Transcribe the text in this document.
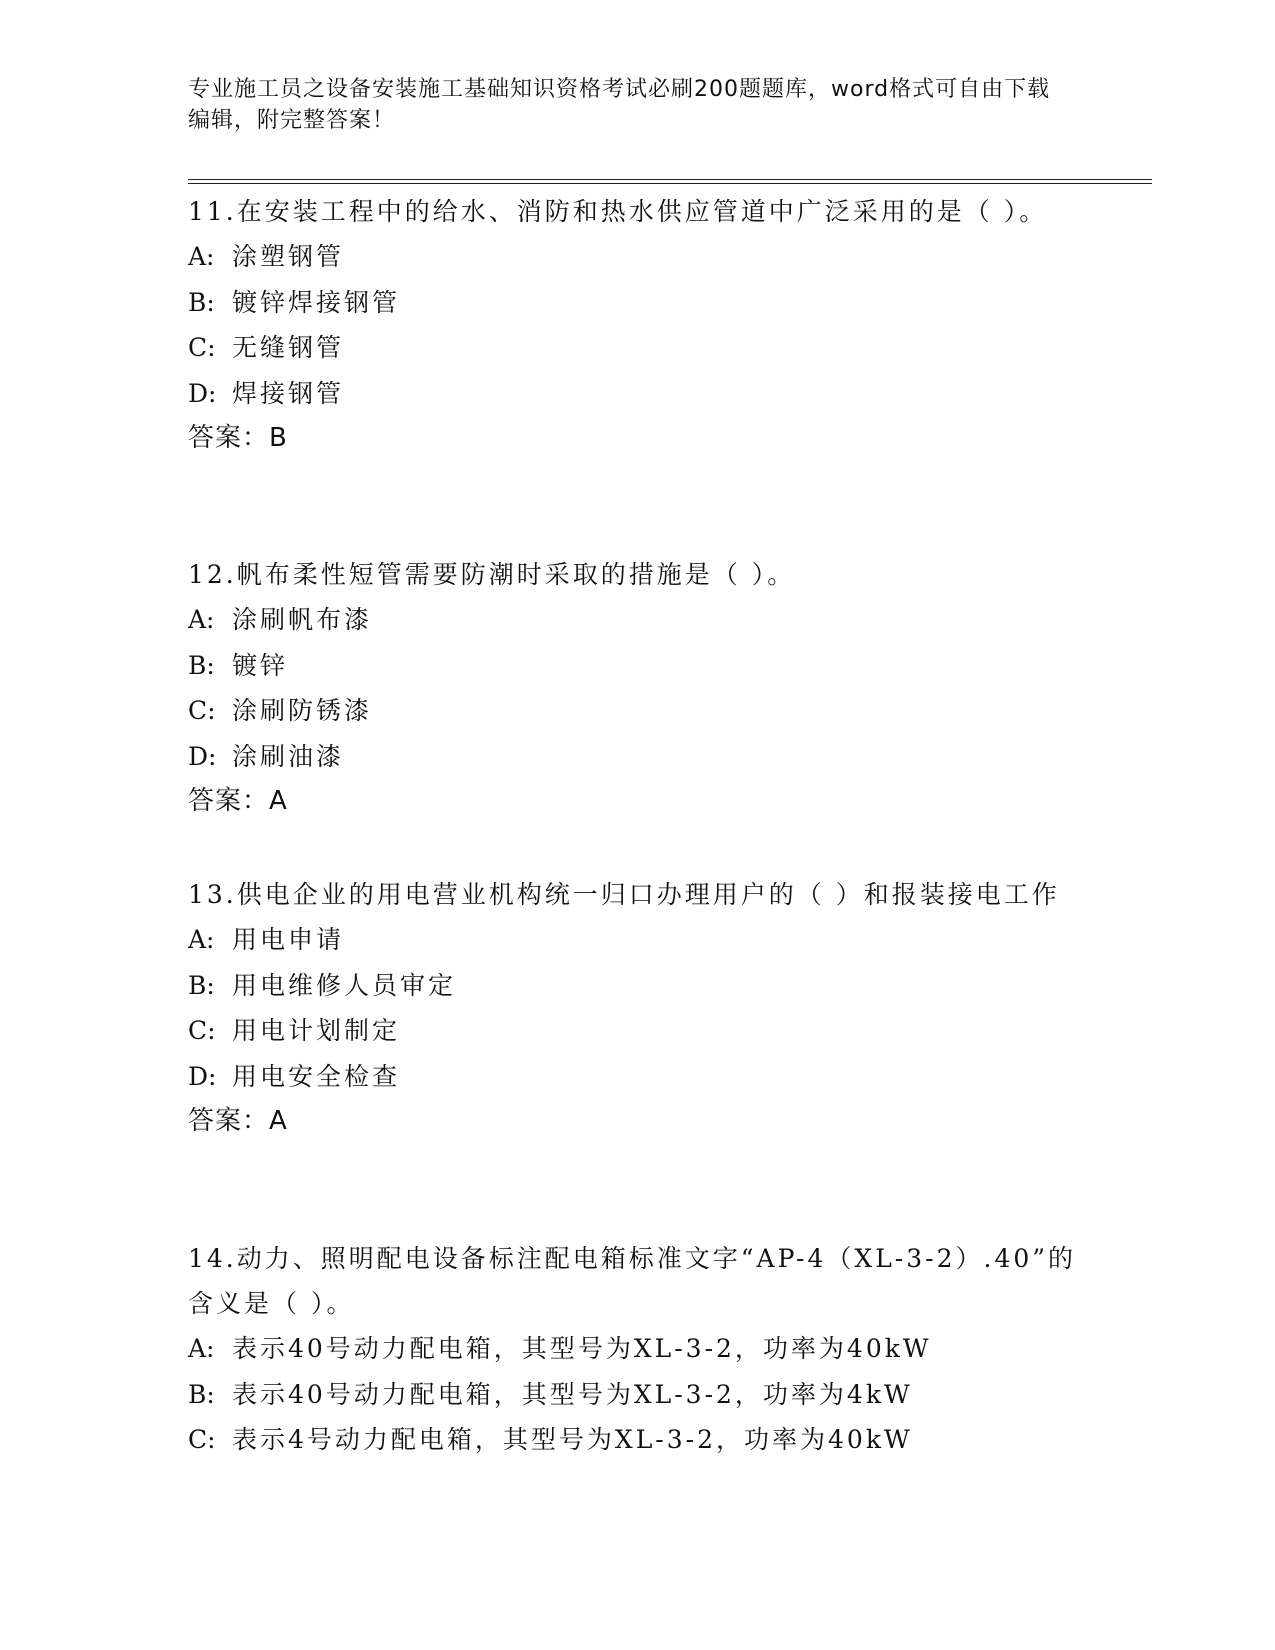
专业施工员之设备安装施工基础知识资格考试必刷200题题库，word格式可自由下载编辑，附完整答案！

11.在安装工程中的给水、消防和热水供应管道中广泛采用的是（ ）。

A: 涂塑钢管

B: 镀锌焊接钢管

C: 无缝钢管

D: 焊接钢管

答案：B

12.帆布柔性短管需要防潮时采取的措施是（ ）。

A: 涂刷帆布漆

B: 镀锌

C: 涂刷防锈漆

D: 涂刷油漆

答案：A

13.供电企业的用电营业机构统一归口办理用户的（ ）和报装接电工作

A: 用电申请

B: 用电维修人员审定

C: 用电计划制定

D: 用电安全检查

答案：A

14.动力、照明配电设备标注配电箱标准文字“AP-4（XL-3-2）.40”的含义是（ ）。

A: 表示40号动力配电箱，其型号为XL-3-2，功率为40kW

B: 表示40号动力配电箱，其型号为XL-3-2，功率为4kW

C: 表示4号动力配电箱，其型号为XL-3-2，功率为40kW
